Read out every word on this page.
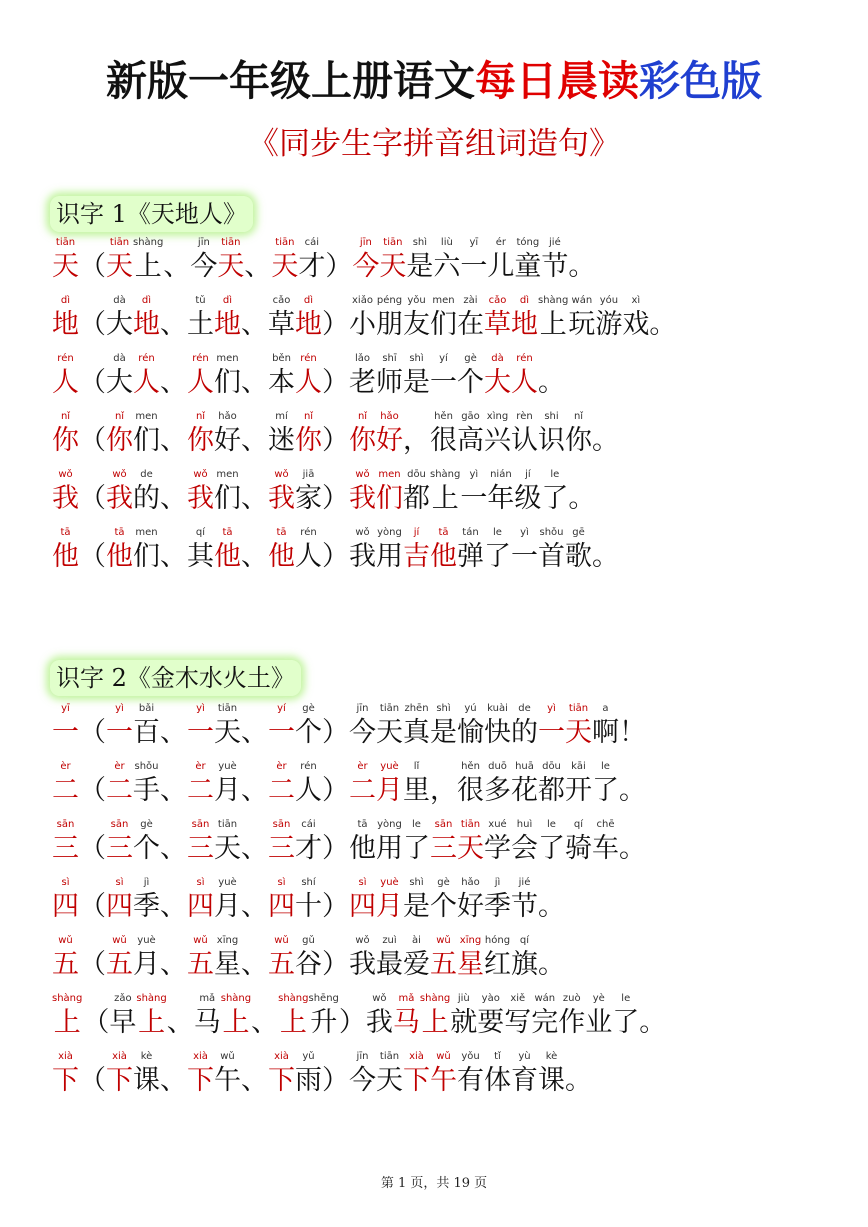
新版一年级上册语文每日晨读彩色版
《同步生字拼音组词造句》
识字 1《天地人》
tiān
天 （
tiān
天
shàng
上 、
jīn
今
tiān
天 、
tiān
天
cái
才 ）
jīn
今
tiān
天
shì
是
liù
六
yī
一
ér
儿
tóng
童
jié
节 。
dì
地 （
dà
大
dì
地 、
tǔ
土
dì
地 、
cǎo
草
dì
地 ）
xiǎo
小
péng
朋
yǒu
友
men
们
zài
在
cǎo
草
dì
地
shàng
上
wán
玩
yóu
游
xì
戏 。
rén
人 （
dà
大
rén
人 、
rén
人
men
们 、
běn
本
rén
人 ）
lǎo
老
shī
师
shì
是
yí
一
gè
个
dà
大
rén
人 。
nǐ
你 （
nǐ
你
men
们 、
nǐ
你
hǎo
好 、
mí
迷
nǐ
你 ）
nǐ
你
hǎo
好 ，
hěn
很
gāo
高
xìng
兴
rèn
认
shi
识
nǐ
你 。
wǒ
我 （
wǒ
我
de
的 、
wǒ
我
men
们 、
wǒ
我
jiā
家 ）
wǒ
我
men
们
dōu
都
shàng
上
yì
一
nián
年
jí
级
le
了 。
tā
他 （
tā
他
men
们 、
qí
其
tā
他 、
tā
他
rén
人 ）
wǒ
我
yòng
用
jí
吉
tā
他
tán
弹
le
了
yì
一
shǒu
首
gē
歌 。
识字 2《金木水火土》
yī
一 （
yì
一
bǎi
百 、
yì
一
tiān
天 、
yí
一
gè
个 ）
jīn
今
tiān
天
zhēn
真
shì
是
yú
愉
kuài
快
de
的
yì
一
tiān
天
a
啊 ！
èr
二 （
èr
二
shǒu
手 、
èr
二
yuè
月 、
èr
二
rén
人 ）
èr
二
yuè
月
lǐ
里 ，
hěn
很
duō
多
huā
花
dōu
都
kāi
开
le
了 。
sān
三 （
sān
三
gè
个 、
sān
三
tiān
天 、
sān
三
cái
才 ）
tā
他
yòng
用
le
了
sān
三
tiān
天
xué
学
huì
会
le
了
qí
骑
chē
车 。
sì
四 （
sì
四
jì
季 、
sì
四
yuè
月 、
sì
四
shí
十 ）
sì
四
yuè
月
shì
是
gè
个
hǎo
好
jì
季
jié
节 。
wǔ
五 （
wǔ
五
yuè
月 、
wǔ
五
xīng
星 、
wǔ
五
gǔ
谷 ）
wǒ
我
zuì
最
ài
爱
wǔ
五
xīng
星
hóng
红
qí
旗 。
shàng
上 （
zǎo
早
shàng
上 、
mǎ
马
shàng
上 、
shàng
上
shēng
升 ）
wǒ
我
mǎ
马
shàng
上
jiù
就
yào
要
xiě
写
wán
完
zuò
作
yè
业
le
了 。
xià
下 （
xià
下
kè
课 、
xià
下
wǔ
午 、
xià
下
yǔ
雨 ）
jīn
今
tiān
天
xià
下
wǔ
午
yǒu
有
tǐ
体
yù
育
kè
课 。
第 1 页，共 19 页
